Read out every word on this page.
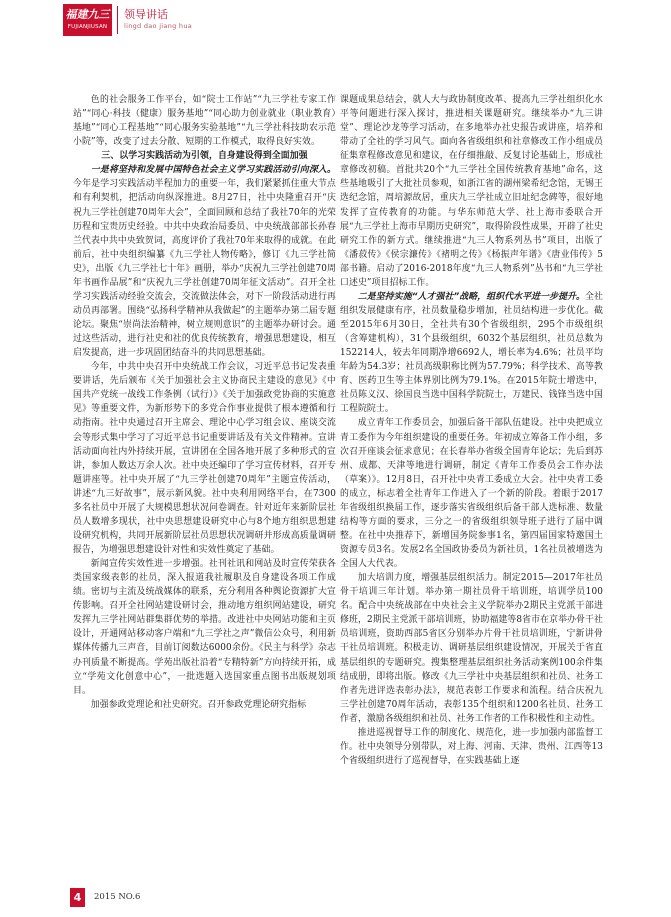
福建九三
FUJIANJIUSAN
领导讲话
lingd dao jiang hua

色的社会服务工作平台，如“院士工作站”“九三学社专家工作站”“同心·科技（健康）服务基地”“同心助力创业就业（职业教育）基地”“同心工程基地”“同心服务实验基地”“九三学社科技助农示范小院”等，改变了过去分散、短期的工作模式，取得良好实效。

三、以学习实践活动为引领，自身建设得到全面加强

一是将坚持和发展中国特色社会主义学习实践活动引向深入。今年是学习实践活动半程加力的重要一年，我们紧紧抓住重大节点和有利契机，把活动向纵深推进。8月27日，社中央隆重召开“庆祝九三学社创建70周年大会”，全面回顾和总结了我社70年的光荣历程和宝贵历史经验。中共中央政治局委员、中央统战部部长孙春兰代表中共中央致贺词，高度评价了我社70年来取得的成就。在此前后，社中央组织编纂《九三学社人物传略》，修订《九三学社简史》，出版《九三学社七十年》画册，举办“庆祝九三学社创建70周年书画作品展”和“庆祝九三学社创建70周年征文活动”。召开全社学习实践活动经验交流会，交流做法体会，对下一阶段活动进行再动员再部署。围绕“弘扬科学精神从我做起”的主题举办第二届专题论坛。聚焦“崇尚法治精神，树立规则意识”的主题举办研讨会。通过这些活动，进行社史和社的优良传统教育，增强思想建设，相互启发提高，进一步巩固团结奋斗的共同思想基础。

今年，中共中央召开中央统战工作会议，习近平总书记发表重要讲话，先后颁布《关于加强社会主义协商民主建设的意见》《中国共产党统一战线工作条例（试行）》《关于加强政党协商的实施意见》等重要文件，为新形势下的多党合作事业提供了根本遵循和行动指南。社中央通过召开主席会、理论中心学习组会议、座谈交流会等形式集中学习了习近平总书记重要讲话及有关文件精神。宣讲活动面向社内外持续开展，宣讲团在全国各地开展了多种形式的宣讲，参加人数达万余人次。社中央还编印了学习宣传材料，召开专题讲座等。社中央开展了“九三学社创建70周年”主题宣传活动，讲述“九三好故事”，展示新风貌。社中央利用网络平台，在7300多名社员中开展了大规模思想状况问卷调查。针对近年来新阶层社员人数增多现状，社中央思想建设研究中心与8个地方组织思想建设研究机构，共同开展新阶层社员思想状况调研并形成高质量调研报告，为增强思想建设针对性和实效性奠定了基础。

新闻宣传实效性进一步增强。社刊社讯和网站及时宣传荣获各类国家级表彰的社员，深入报道我社履职及自身建设各项工作成绩。密切与主流及统战媒体的联系，充分利用各种舆论资源扩大宣传影响。召开全社网站建设研讨会，推动地方组织网站建设，研究发挥九三学社网站群集群优势的举措。改进社中央网站功能和主页设计，开通网站移动客户端和“九三学社之声”微信公众号，利用新媒体传播九三声音，目前订阅数达6000余份。《民主与科学》杂志办刊质量不断提高。学苑出版社沿着“专精特新”方向持续开拓，成立“学苑文化创意中心”，一批选题入选国家重点图书出版规划项目。

加强参政党理论和社史研究。召开参政党理论研究指标

课题成果总结会，就人大与政协制度改革、提高九三学社组织化水平等问题进行深入探讨，推进相关课题研究。继续举办“九三讲堂”、理论沙龙等学习活动，在多地举办社史报告或讲座，培养和带动了全社的学习风气。面向各省级组织和社章修改工作小组成员征集章程修改意见和建议，在仔细推敲、反复讨论基础上，形成社章修改初稿。首批共20个“九三学社全国传统教育基地”命名，这些基地吸引了大批社员参观，如浙江省的湖州梁希纪念馆，无锡王选纪念馆，周培源故居，重庆九三学社成立旧址纪念碑等，很好地发挥了宣传教育的功能。与华东师范大学、社上海市委联合开展“九三学社上海市早期历史研究”，取得阶段性成果，开辟了社史研究工作的新方式。继续推进“九三人物系列丛书”项目，出版了《潘菽传》《侯宗濂传》《褚明之传》《杨振声年谱》《唐业伟传》5部书籍。启动了2016-2018年度“九三人物系列”丛书和“九三学社口述史”项目招标工作。

二是坚持实施“人才强社”战略，组织代水平进一步提升。全社组织发展健康有序，社员数量稳步增加，社员结构进一步优化。截至2015年6月30日，全社共有30个省级组织，295个市级组织（含筹建机构），31个县级组织，6032个基层组织，社员总数为152214人，较去年同期净增6692人，增长率为4.6%；社员平均年龄为54.3岁；社员高级职称比例为57.79%；科学技术、高等教育、医药卫生等主体界别比例为79.1%。在2015年院士增选中，社员陈义汉、徐国良当选中国科学院院士，万建民、钱锋当选中国工程院院士。

成立青年工作委员会，加强后备干部队伍建设。社中央把成立青工委作为今年组织建设的重要任务。年初成立筹备工作小组，多次召开座谈会征求意见；在长春举办省级全国青年论坛；先后到苏州、成都、天津等地进行调研，制定《青年工作委员会工作办法（草案）》。12月8日，召开社中央青工委成立大会。社中央青工委的成立，标志着全社青年工作进入了一个新的阶段。着眼于2017年省级组织换届工作，逐步落实省级组织后备干部人选标准、数量结构等方面的要求，三分之一的省级组织领导班子进行了届中调整。在社中央推荐下，新增国务院参事1名，第四届国家特邀国土资源专员3名。发展2名全国政协委员为新社员，1名社员被增选为全国人大代表。

加大培训力度，增强基层组织活力。制定2015—2017年社员骨干培训三年计划。举办第一期社员骨干培训班，培训学员100名。配合中央统战部在中央社会主义学院举办2期民主党派干部进修班，2期民主党派干部培训班，协助福建等8省市在京举办骨干社员培训班，资助西部5省区分别举办片骨干社员培训班，宁新讲骨干社员培训班。积极走访、调研基层组织建设情况，开展关于省直基层组织的专题研究。搜集整理基层组织社务活动案例100余件集结成册，即将出版。修改《九三学社中央基层组织和社员、社务工作者先进评选表彰办法》，规范表彰工作要求和流程。结合庆祝九三学社创建70周年活动，表彰135个组织和1200名社员、社务工作者，激励各级组织和社员、社务工作者的工作积极性和主动性。

推进巡视督导工作的制度化、规范化，进一步加强内部监督工作。社中央领导分别带队，对上海、河南、天津、贵州、江西等13个省级组织进行了巡视督导，在实践基础上逐

4	2015 NO.6
